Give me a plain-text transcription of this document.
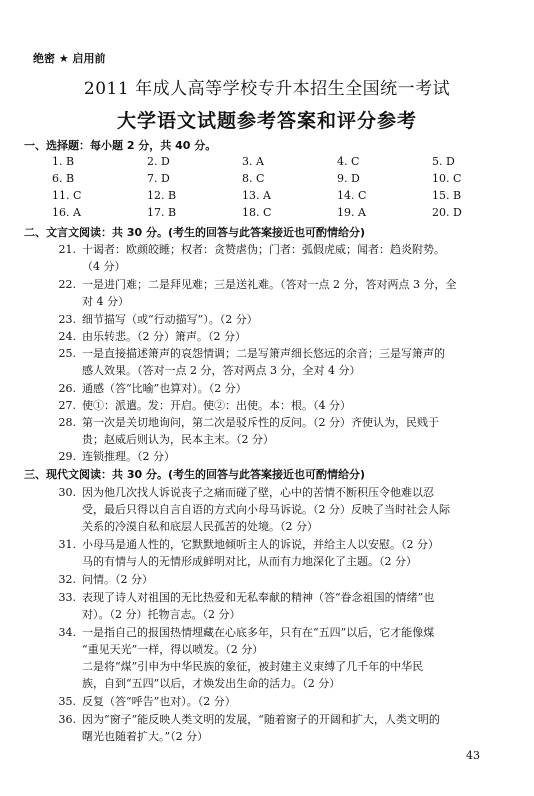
绝密 ★ 启用前
2011 年成人高等学校专升本招生全国统一考试
大学语文试题参考答案和评分参考
一、选择题：每小题 2 分，共 40 分。
1. B	2. D	3. A	4. C	5. D
6. B	7. D	8. C	9. D	10. C
11. C	12. B	13. A	14. C	15. B
16. A	17. B	18. C	19. A	20. D
二、文言文阅读：共 30 分。(考生的回答与此答案接近也可酌情给分)
21. 十谒者：欧颜皎睡；权者：贪赞虐伪；门者：弧假虎威；闻者：趋炎附势。
（4 分）
22. 一是进门难；二是拜见难；三是送礼难。（答对一点 2 分，答对两点 3 分，全
对 4 分）
23. 细节描写（或“行动描写”）。（2 分）
24. 由乐转悲。（2 分）箫声。（2 分）
25. 一是直接描述箫声的哀怨情调；二是写箫声细长悠远的余音；三是写箫声的
感人效果。（答对一点 2 分，答对两点 3 分，全对 4 分）
26. 通感（答“比喻”也算对）。（2 分）
27. 使①：派遣。发：开启。使②：出使。本：根。（4 分）
28. 第一次是关切地询问，第二次是驳斥性的反问。（2 分）齐使认为，民贱于
贵；赵威后则认为，民本主末。（2 分）
29. 连锁推理。（2 分）
三、现代文阅读：共 30 分。(考生的回答与此答案接近也可酌情给分)
30. 因为他几次找人诉说丧子之痛而碰了壁，心中的苦情不断积压令他难以忍
受，最后只得以自言自语的方式向小母马诉说。（2 分）反映了当时社会人际
关系的冷漠自私和底层人民孤苦的处境。（2 分）
31. 小母马是通人性的，它默默地倾听主人的诉说，并给主人以安慰。（2 分）
马的有情与人的无情形成鲜明对比，从而有力地深化了主题。（2 分）
32. 问情。（2 分）
33. 表现了诗人对祖国的无比热爱和无私奉献的精神（答“眷念祖国的情绪”也
对）。（2 分）托物言志。（2 分）
34. 一是指自己的报国热情埋藏在心底多年，只有在“五四”以后，它才能像煤
“重见天光”一样，得以喷发。（2 分）
二是将“煤”引申为中华民族的象征，被封建主义束缚了几千年的中华民
族，自到“五四”以后，才焕发出生命的活力。（2 分）
35. 反复（答“呼告”也对）。（2 分）
36. 因为“窗子”能反映人类文明的发展，“随着窗子的开阔和扩大，人类文明的
曙光也随着扩大。”（2 分）
43
